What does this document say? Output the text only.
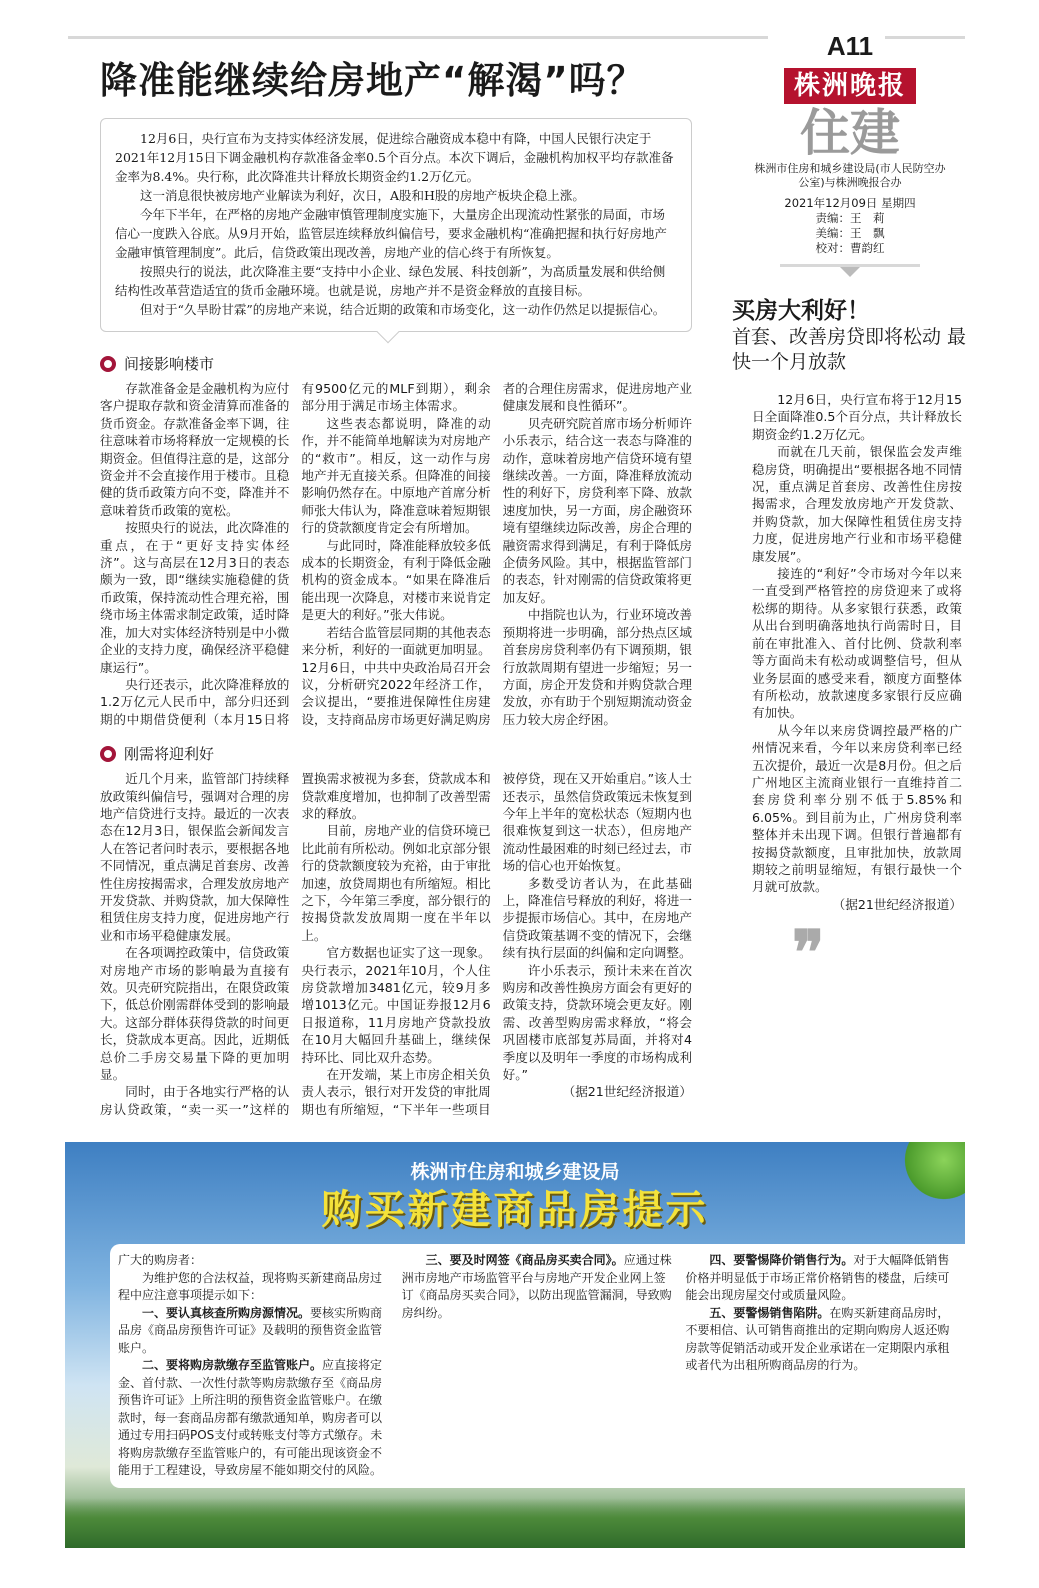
降准能继续给房地产“解渴”吗？

12月6日，央行宣布为支持实体经济发展，促进综合融资成本稳中有降，中国人民银行决定于2021年12月15日下调金融机构存款准备金率0.5个百分点。本次下调后，金融机构加权平均存款准备金率为8.4%。央行称，此次降准共计释放长期资金约1.2万亿元。

这一消息很快被房地产业解读为利好，次日，A股和H股的房地产板块企稳上涨。

今年下半年，在严格的房地产金融审慎管理制度实施下，大量房企出现流动性紧张的局面，市场信心一度跌入谷底。从9月开始，监管层连续释放纠偏信号，要求金融机构“准确把握和执行好房地产金融审慎管理制度”。此后，信贷政策出现改善，房地产业的信心终于有所恢复。

按照央行的说法，此次降准主要“支持中小企业、绿色发展、科技创新”，为高质量发展和供给侧结构性改革营造适宜的货币金融环境。也就是说，房地产并不是资金释放的直接目标。

但对于“久旱盼甘霖”的房地产来说，结合近期的政策和市场变化，这一动作仍然足以提振信心。

间接影响楼市

存款准备金是金融机构为应付客户提取存款和资金清算而准备的货币资金。存款准备金率下调，往往意味着市场将释放一定规模的长期资金。但值得注意的是，这部分资金并不会直接作用于楼市。且稳健的货币政策方向不变，降准并不意味着货币政策的宽松。

按照央行的说法，此次降准的重点，在于“更好支持实体经济”。这与高层在12月3日的表态颇为一致，即“继续实施稳健的货币政策，保持流动性合理充裕，围绕市场主体需求制定政策，适时降准，加大对实体经济特别是中小微企业的支持力度，确保经济平稳健康运行”。

央行还表示，此次降准释放的1.2万亿元人民币中，部分归还到期的中期借贷便利（本月15日将有9500亿元的MLF到期），剩余部分用于满足市场主体需求。

这些表态都说明，降准的动作，并不能简单地解读为对房地产的“救市”。相反，这一动作与房地产并无直接关系。但降准的间接影响仍然存在。中原地产首席分析师张大伟认为，降准意味着短期银行的贷款额度肯定会有所增加。

与此同时，降准能释放较多低成本的长期资金，有利于降低金融机构的资金成本。“如果在降准后能出现一次降息，对楼市来说肯定是更大的利好。”张大伟说。

若结合监管层同期的其他表态来分析，利好的一面就更加明显。12月6日，中共中央政治局召开会议，分析研究2022年经济工作，会议提出，“要推进保障性住房建设，支持商品房市场更好满足购房者的合理住房需求，促进房地产业健康发展和良性循环”。

贝壳研究院首席市场分析师许小乐表示，结合这一表态与降准的动作，意味着房地产信贷环境有望继续改善。一方面，降准释放流动性的利好下，房贷利率下降、放款速度加快，另一方面，房企融资环境有望继续边际改善，房企合理的融资需求得到满足，有利于降低房企债务风险。其中，根据监管部门的表态，针对刚需的信贷政策将更加友好。

中指院也认为，行业环境改善预期将进一步明确，部分热点区域首套房房贷利率仍有下调预期，银行放款周期有望进一步缩短；另一方面，房企开发贷和并购贷款合理发放，亦有助于个别短期流动资金压力较大房企纾困。

刚需将迎利好

近几个月来，监管部门持续释放政策纠偏信号，强调对合理的房地产信贷进行支持。最近的一次表态在12月3日，银保监会新闻发言人在答记者问时表示，要根据各地不同情况，重点满足首套房、改善性住房按揭需求，合理发放房地产开发贷款、并购贷款，加大保障性租赁住房支持力度，促进房地产行业和市场平稳健康发展。

在各项调控政策中，信贷政策对房地产市场的影响最为直接有效。贝壳研究院指出，在限贷政策下，低总价刚需群体受到的影响最大。这部分群体获得贷款的时间更长，贷款成本更高。因此，近期低总价二手房交易量下降的更加明显。

同时，由于各地实行严格的认房认贷政策，“卖一买一”这样的置换需求被视为多套，贷款成本和贷款难度增加，也抑制了改善型需求的释放。

目前，房地产业的信贷环境已比此前有所松动。例如北京部分银行的贷款额度较为充裕，由于审批加速，放贷周期也有所缩短。相比之下，今年第三季度，部分银行的按揭贷款发放周期一度在半年以上。

官方数据也证实了这一现象。央行表示，2021年10月，个人住房贷款增加3481亿元，较9月多增1013亿元。中国证券报12月6日报道称，11月房地产贷款投放在10月大幅回升基础上，继续保持环比、同比双升态势。

在开发端，某上市房企相关负责人表示，银行对开发贷的审批周期也有所缩短，“下半年一些项目被停贷，现在又开始重启。”该人士还表示，虽然信贷政策远未恢复到今年上半年的宽松状态（短期内也很难恢复到这一状态），但房地产流动性最困难的时刻已经过去，市场的信心也开始恢复。

多数受访者认为，在此基础上，降准信号释放的利好，将进一步提振市场信心。其中，在房地产信贷政策基调不变的情况下，会继续有执行层面的纠偏和定向调整。

许小乐表示，预计未来在首次购房和改善性换房方面会有更好的政策支持，贷款环境会更友好。刚需、改善型购房需求释放，“将会巩固楼市底部复苏局面，并将对4季度以及明年一季度的市场构成利好。”

（据21世纪经济报道）
A11
株洲晚报
住建
株洲市住房和城乡建设局(市人民防空办公室)与株洲晚报合办
2021年12月09日 星期四
责编：王　莉
美编：王　飘
校对：曹韵红
买房大利好！
首套、改善房贷即将松动 最快一个月放款

12月6日，央行宣布将于12月15日全面降准0.5个百分点，共计释放长期资金约1.2万亿元。

而就在几天前，银保监会发声维稳房贷，明确提出“要根据各地不同情况，重点满足首套房、改善性住房按揭需求，合理发放房地产开发贷款、并购贷款，加大保障性租赁住房支持力度，促进房地产行业和市场平稳健康发展”。

接连的“利好”令市场对今年以来一直受到严格管控的房贷迎来了或将松绑的期待。从多家银行获悉，政策从出台到明确落地执行尚需时日，目前在审批准入、首付比例、贷款利率等方面尚未有松动或调整信号，但从业务层面的感受来看，额度方面整体有所松动，放款速度多家银行反应确有加快。

从今年以来房贷调控最严格的广州情况来看，今年以来房贷利率已经五次提价，最近一次是8月份。但之后广州地区主流商业银行一直维持首二套房贷利率分别不低于5.85%和6.05%。到目前为止，广州房贷利率整体并未出现下调。但银行普遍都有按揭贷款额度，且审批加快，放款周期较之前明显缩短，有银行最快一个月就可放款。

（据21世纪经济报道）
❞
株洲市住房和城乡建设局
购买新建商品房提示

广大的购房者：

为维护您的合法权益，现将购买新建商品房过程中应注意事项提示如下：

一、要认真核查所购房源情况。要核实所购商品房《商品房预售许可证》及载明的预售资金监管账户。

二、要将购房款缴存至监管账户。应直接将定金、首付款、一次性付款等购房款缴存至《商品房预售许可证》上所注明的预售资金监管账户。在缴款时，每一套商品房都有缴款通知单，购房者可以通过专用扫码POS支付或转账支付等方式缴存。未将购房款缴存至监管账户的，有可能出现该资金不能用于工程建设，导致房屋不能如期交付的风险。

三、要及时网签《商品房买卖合同》。应通过株洲市房地产市场监管平台与房地产开发企业网上签订《商品房买卖合同》，以防出现监管漏洞，导致购房纠纷。

四、要警惕降价销售行为。对于大幅降低销售价格并明显低于市场正常价格销售的楼盘，后续可能会出现房屋交付或质量风险。

五、要警惕销售陷阱。在购买新建商品房时，不要相信、认可销售商推出的定期向购房人返还购房款等促销活动或开发企业承诺在一定期限内承租或者代为出租所购商品房的行为。
